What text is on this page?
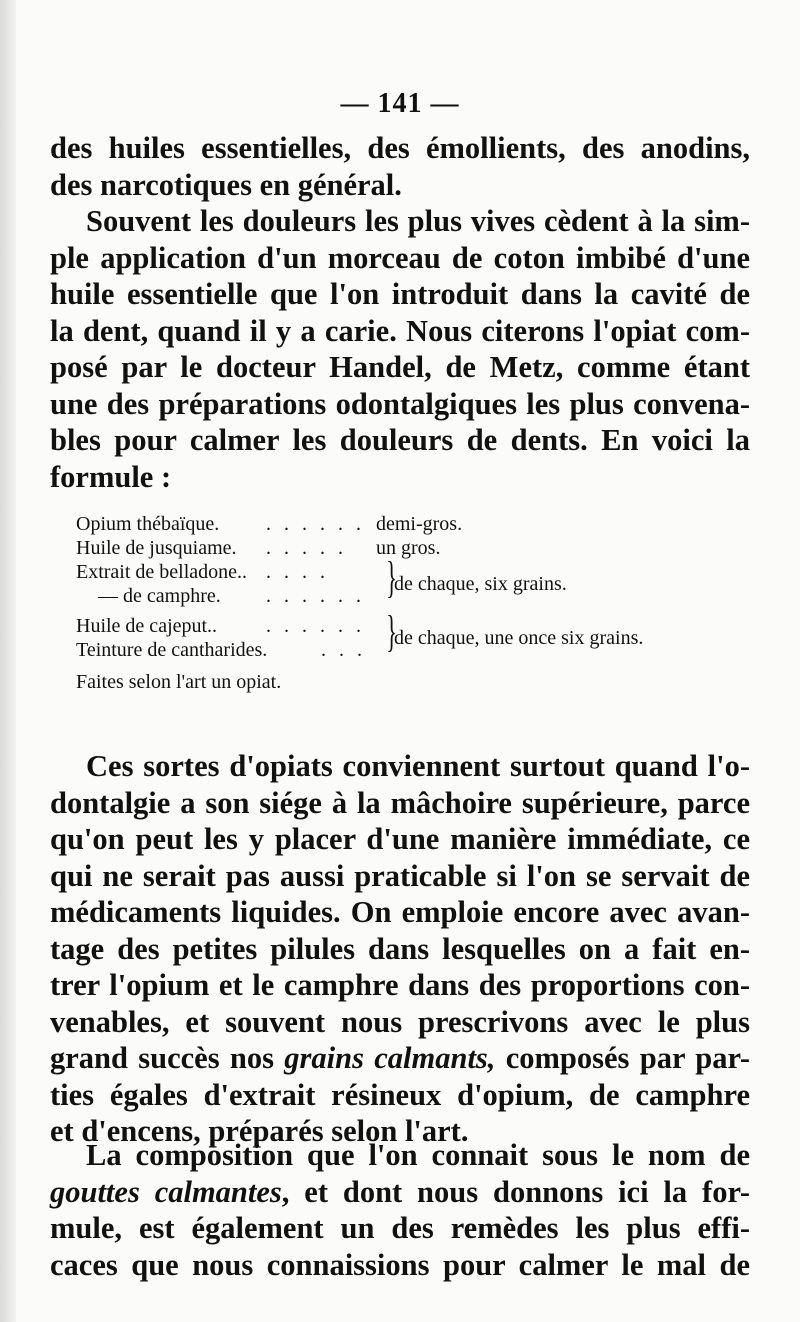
— 141 —
des huiles essentielles, des émollients, des anodins,
des narcotiques en général.
Souvent les douleurs les plus vives cèdent à la sim-
ple application d'un morceau de coton imbibé d'une
huile essentielle que l'on introduit dans la cavité de
la dent, quand il y a carie. Nous citerons l'opiat com-
posé par le docteur Handel, de Metz, comme étant
une des préparations odontalgiques les plus convena-
bles pour calmer les douleurs de dents. En voici la
formule :
Opium thébaïque. . . . . . . demi-gros.
Huile de jusquiame. . . . . . un gros.
Extrait de belladone.. . . . . }
de chaque, six grains.
— de camphre. . . . . . .
Huile de cajeput.. . . . . . . }
de chaque, une once six grains.
Teinture de cantharides.	. . .
Faites selon l'art un opiat.
Ces sortes d'opiats conviennent surtout quand l'o-
dontalgie a son siége à la mâchoire supérieure, parce
qu'on peut les y placer d'une manière immédiate, ce
qui ne serait pas aussi praticable si l'on se servait de
médicaments liquides. On emploie encore avec avan-
tage des petites pilules dans lesquelles on a fait en-
trer l'opium et le camphre dans des proportions con-
venables, et souvent nous prescrivons avec le plus
grand succès nos grains calmants, composés par par-
ties égales d'extrait résineux d'opium, de camphre
et d'encens, préparés selon l'art.
La composition que l'on connait sous le nom de
gouttes calmantes, et dont nous donnons ici la for-
mule, est également un des remèdes les plus effi-
caces que nous connaissions pour calmer le mal de
